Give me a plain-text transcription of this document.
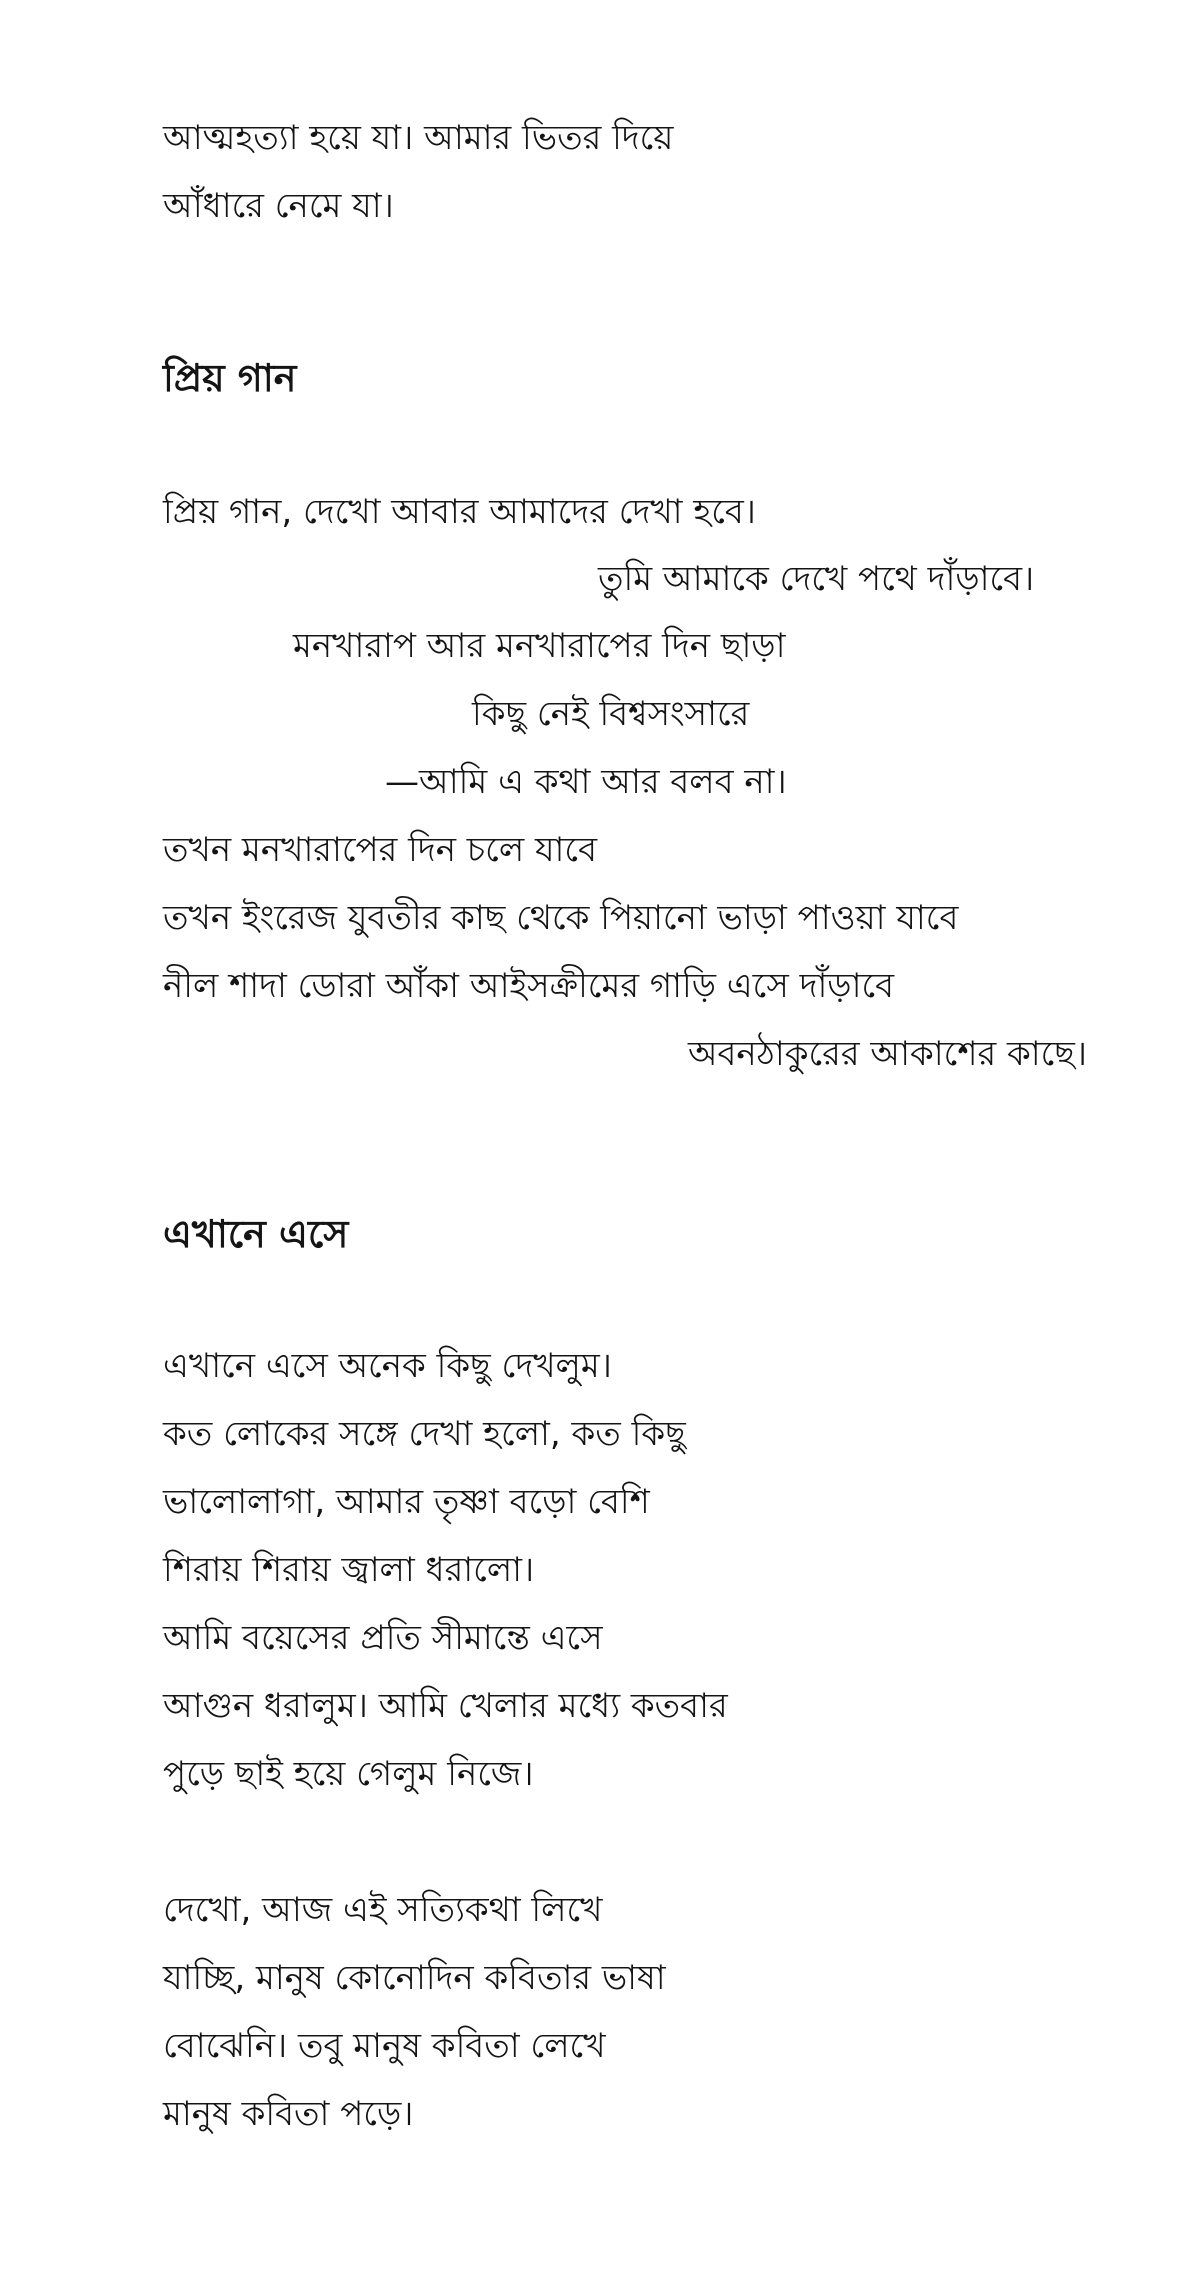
আত্মহত্যা হয়ে যা। আমার ভিতর দিয়ে
আঁধারে নেমে যা।
প্রিয় গান
প্রিয় গান, দেখো আবার আমাদের দেখা হবে।
তুমি আমাকে দেখে পথে দাঁড়াবে।
মনখারাপ আর মনখারাপের দিন ছাড়া
কিছু নেই বিশ্বসংসারে
—আমি এ কথা আর বলব না।
তখন মনখারাপের দিন চলে যাবে
তখন ইংরেজ যুবতীর কাছ থেকে পিয়ানো ভাড়া পাওয়া যাবে
নীল শাদা ডোরা আঁকা আইসক্রীমের গাড়ি এসে দাঁড়াবে
অবনঠাকুরের আকাশের কাছে।
এখানে এসে
এখানে এসে অনেক কিছু দেখলুম।
কত লোকের সঙ্গে দেখা হলো, কত কিছু
ভালোলাগা, আমার তৃষ্ণা বড়ো বেশি
শিরায় শিরায় জ্বালা ধরালো।
আমি বয়েসের প্রতি সীমান্তে এসে
আগুন ধরালুম। আমি খেলার মধ্যে কতবার
পুড়ে ছাই হয়ে গেলুম নিজে।
দেখো, আজ এই সত্যিকথা লিখে
যাচ্ছি, মানুষ কোনোদিন কবিতার ভাষা
বোঝেনি। তবু মানুষ কবিতা লেখে
মানুষ কবিতা পড়ে।
